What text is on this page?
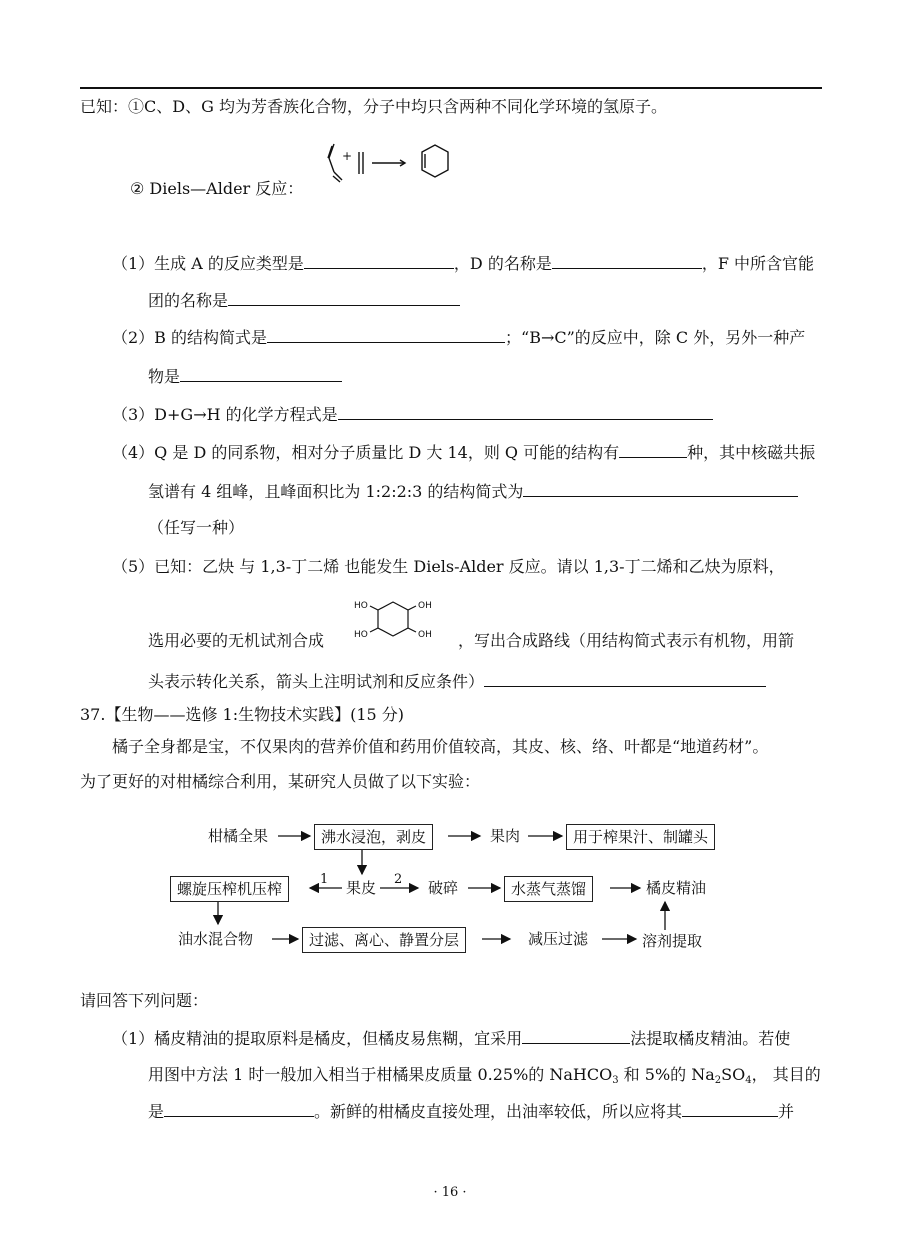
已知：①C、D、G 均为芳香族化合物，分子中均只含两种不同化学环境的氢原子。
② Diels—Alder 反应：
+
（1）生成 A 的反应类型是	，D 的名称是	，F 中所含官能
团的名称是
（2）B 的结构简式是	；“B→C”的反应中，除 C 外，另外一种产
物是
（3）D+G→H 的化学方程式是
（4）Q 是 D 的同系物，相对分子质量比 D 大 14，则 Q 可能的结构有	种，其中核磁共振
氢谱有 4 组峰，且峰面积比为 1:2:2:3 的结构简式为
（任写一种）
（5）已知：乙炔 与 1,3-丁二烯 也能发生 Diels-Alder 反应。请以 1,3-丁二烯和乙炔为原料，
选用必要的无机试剂合成
HO
HO
OH
OH ，写出合成路线（用结构简式表示有机物，用箭
头表示转化关系，箭头上注明试剂和反应条件）
37.【生物——选修 1:生物技术实践】(15 分)
橘子全身都是宝，不仅果肉的营养价值和药用价值较高，其皮、核、络、叶都是“地道药材”。
为了更好的对柑橘综合利用，某研究人员做了以下实验：
柑橘全果	沸水浸泡，剥皮	果肉	用于榨果汁、制罐头
螺旋压榨机压榨
1 果皮 2 破碎	水蒸气蒸馏	橘皮精油
油水混合物	过滤、离心、静置分层	减压过滤	溶剂提取
请回答下列问题：
（1）橘皮精油的提取原料是橘皮，但橘皮易焦糊，宜采用	法提取橘皮精油。若使
用图中方法 1 时一般加入相当于柑橘果皮质量 0.25%的 NaHCO$_3$ 和 5%的 $Na_2SO_4$， 其目的
是	。新鲜的柑橘皮直接处理，出油率较低，所以应将其	并
· 16 ·
